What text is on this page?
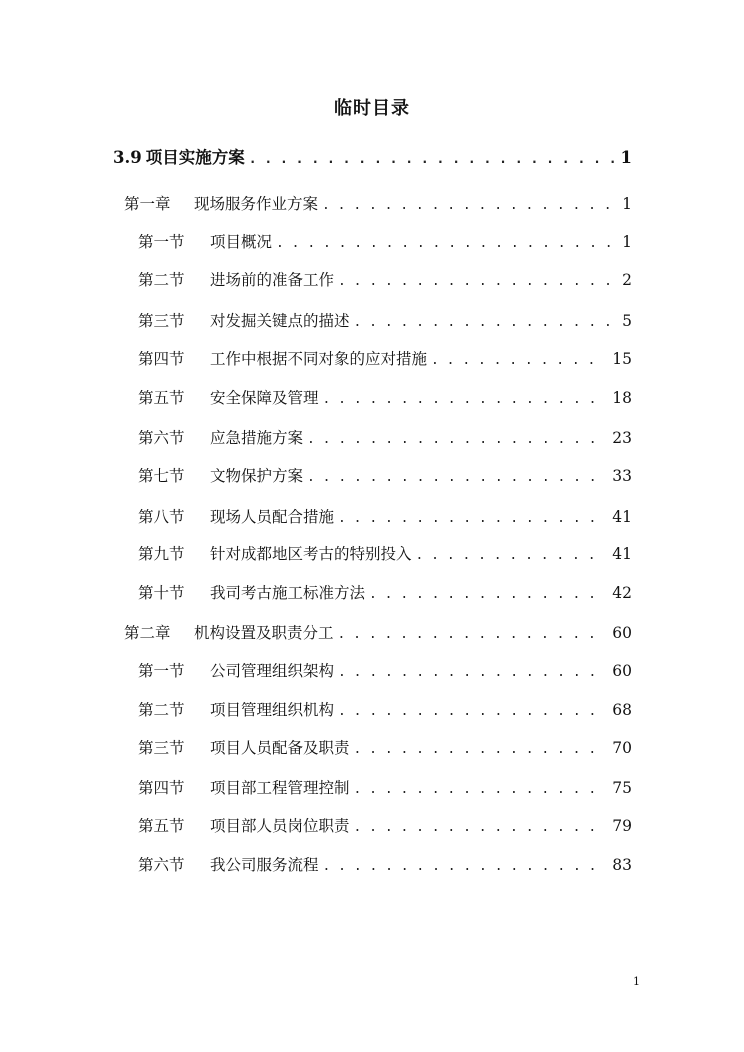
临时目录
3.9 项目实施方案 . . .	1
第一章	现场服务作业方案 . . .	1
第一节	项目概况 . . .	1
第二节	进场前的准备工作 . . .	2
第三节	对发掘关键点的描述 . . .	5
第四节	工作中根据不同对象的应对措施 . . .	15
第五节	安全保障及管理 . . .	18
第六节	应急措施方案 . . .	23
第七节	文物保护方案 . . .	33
第八节	现场人员配合措施 . . .	41
第九节	针对成都地区考古的特别投入 . . .	41
第十节	我司考古施工标准方法 . . .	42
第二章	机构设置及职责分工 . . .	60
第一节	公司管理组织架构 . . .	60
第二节	项目管理组织机构 . . .	68
第三节	项目人员配备及职责 . . .	70
第四节	项目部工程管理控制 . . .	75
第五节	项目部人员岗位职责 . . .	79
第六节	我公司服务流程 . . .	83
1
